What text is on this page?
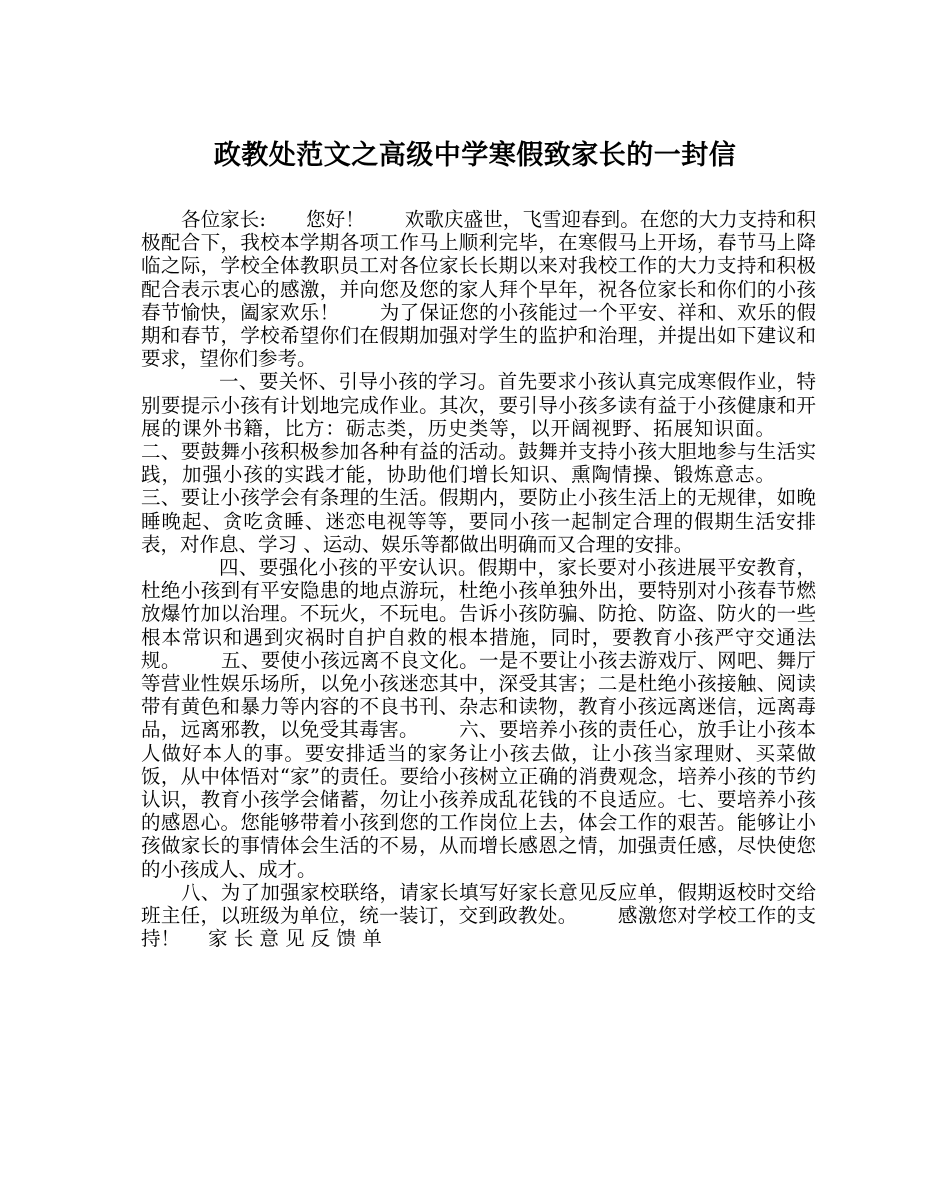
政教处范文之高级中学寒假致家长的一封信

各位家长: 您好！ 欢歌庆盛世，飞雪迎春到。在您的大力支持和积极配合下，我校本学期各项工作马上顺利完毕，在寒假马上开场，春节马上降临之际，学校全体教职员工对各位家长长期以来对我校工作的大力支持和积极配合表示衷心的感激，并向您及您的家人拜个早年，祝各位家长和你们的小孩春节愉快，阖家欢乐！ 为了保证您的小孩能过一个平安、祥和、欢乐的假期和春节，学校希望你们在假期加强对学生的监护和治理，并提出如下建议和要求，望你们参考。

一、要关怀、引导小孩的学习。首先要求小孩认真完成寒假作业，特别要提示小孩有计划地完成作业。其次，要引导小孩多读有益于小孩健康和开展的课外书籍，比方：砺志类，历史类等，以开阔视野、拓展知识面。二、要鼓舞小孩积极参加各种有益的活动。鼓舞并支持小孩大胆地参与生活实践，加强小孩的实践才能，协助他们增长知识、熏陶情操、锻炼意志。三、要让小孩学会有条理的生活。假期内，要防止小孩生活上的无规律，如晚睡晚起、贪吃贪睡、迷恋电视等等，要同小孩一起制定合理的假期生活安排表，对作息、学习 、运动、娱乐等都做出明确而又合理的安排。

四、要强化小孩的平安认识。假期中，家长要对小孩进展平安教育，杜绝小孩到有平安隐患的地点游玩，杜绝小孩单独外出，要特别对小孩春节燃放爆竹加以治理。不玩火，不玩电。告诉小孩防骗、防抢、防盗、防火的一些根本常识和遇到灾祸时自护自救的根本措施，同时，要教育小孩严守交通法规。 五、要使小孩远离不良文化。一是不要让小孩去游戏厅、网吧、舞厅等营业性娱乐场所，以免小孩迷恋其中，深受其害；二是杜绝小孩接触、阅读带有黄色和暴力等内容的不良书刊、杂志和读物，教育小孩远离迷信，远离毒品，远离邪教，以免受其毒害。 六、要培养小孩的责任心，放手让小孩本人做好本人的事。要安排适当的家务让小孩去做，让小孩当家理财、买菜做饭，从中体悟对“家”的责任。要给小孩树立正确的消费观念，培养小孩的节约认识，教育小孩学会储蓄，勿让小孩养成乱花钱的不良适应。七、要培养小孩的感恩心。您能够带着小孩到您的工作岗位上去，体会工作的艰苦。能够让小孩做家长的事情体会生活的不易，从而增长感恩之情，加强责任感，尽快使您的小孩成人、成才。

八、为了加强家校联络，请家长填写好家长意见反应单，假期返校时交给班主任，以班级为单位，统一装订，交到政教处。 感激您对学校工作的支持！ 家 长 意 见 反 馈 单
